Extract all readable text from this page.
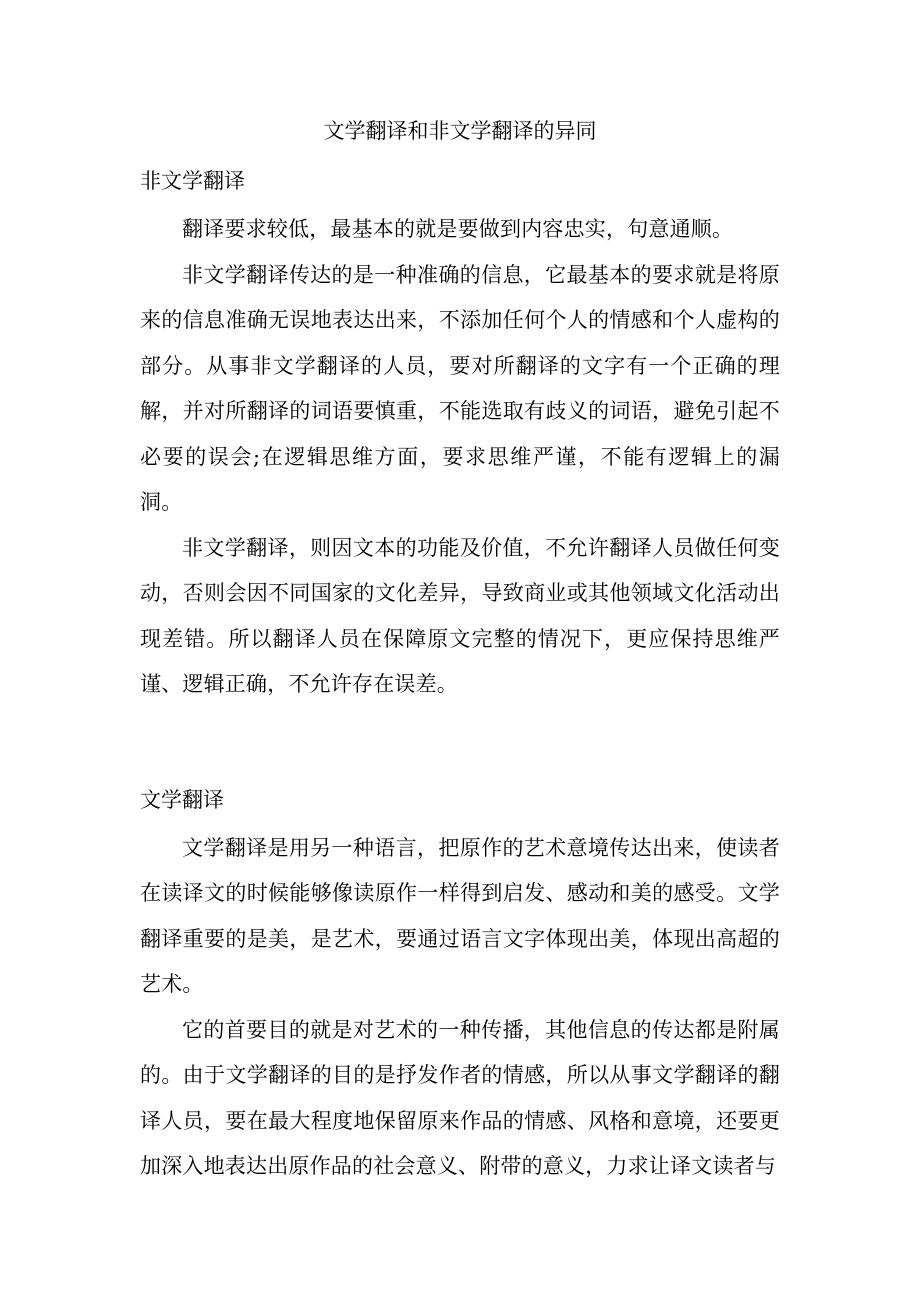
文学翻译和非文学翻译的异同
非文学翻译

翻译要求较低，最基本的就是要做到内容忠实，句意通顺。

非文学翻译传达的是一种准确的信息，它最基本的要求就是将原来的信息准确无误地表达出来，不添加任何个人的情感和个人虚构的部分。从事非文学翻译的人员，要对所翻译的文字有一个正确的理解，并对所翻译的词语要慎重，不能选取有歧义的词语，避免引起不必要的误会;在逻辑思维方面，要求思维严谨，不能有逻辑上的漏洞。

非文学翻译，则因文本的功能及价值，不允许翻译人员做任何变动，否则会因不同国家的文化差异，导致商业或其他领域文化活动出现差错。所以翻译人员在保障原文完整的情况下，更应保持思维严谨、逻辑正确，不允许存在误差。

文学翻译

文学翻译是用另一种语言，把原作的艺术意境传达出来，使读者在读译文的时候能够像读原作一样得到启发、感动和美的感受。文学翻译重要的是美，是艺术，要通过语言文字体现出美，体现出高超的艺术。

它的首要目的就是对艺术的一种传播，其他信息的传达都是附属的。由于文学翻译的目的是抒发作者的情感，所以从事文学翻译的翻译人员，要在最大程度地保留原来作品的情感、风格和意境，还要更加深入地表达出原作品的社会意义、附带的意义，力求让译文读者与
